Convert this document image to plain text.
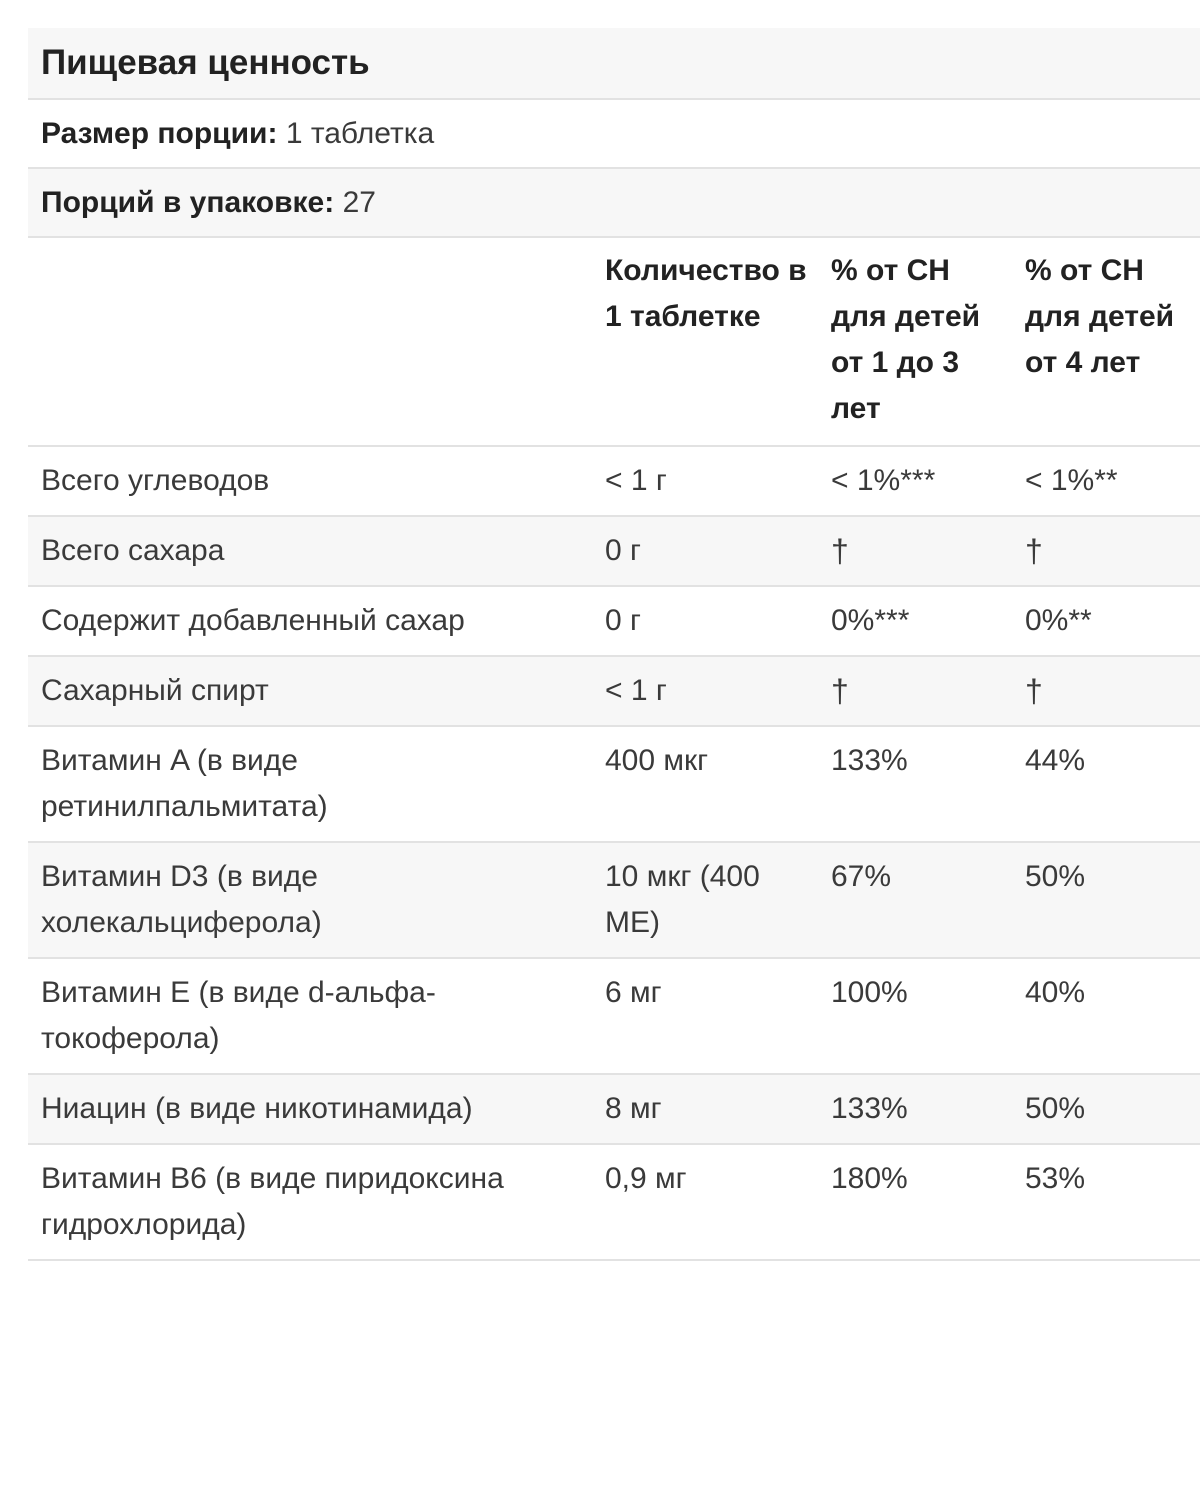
Пищевая ценность
Размер порции:
1 таблетка
Порций в упаковке:
27
	Количество в 1 таблетке	% от СН для детей от 1 до 3 лет	% от СН для детей от 4 лет
Всего углеводов	< 1 г	< 1%***	< 1%**
Всего сахара	0 г	†	†
Содержит добавленный сахар	0 г	0%***	0%**
Сахарный спирт	< 1 г	†	†
Витамин A (в виде ретинилпальмитата)	400 мкг	133%	44%
Витамин D3 (в виде холекальциферола)	10 мкг (400 МЕ)	67%	50%
Витамин E (в виде d-альфа-токоферола)	6 мг	100%	40%
Ниацин (в виде никотинамида)	8 мг	133%	50%
Витамин B6 (в виде пиридоксина гидрохлорида)	0,9 мг	180%	53%
